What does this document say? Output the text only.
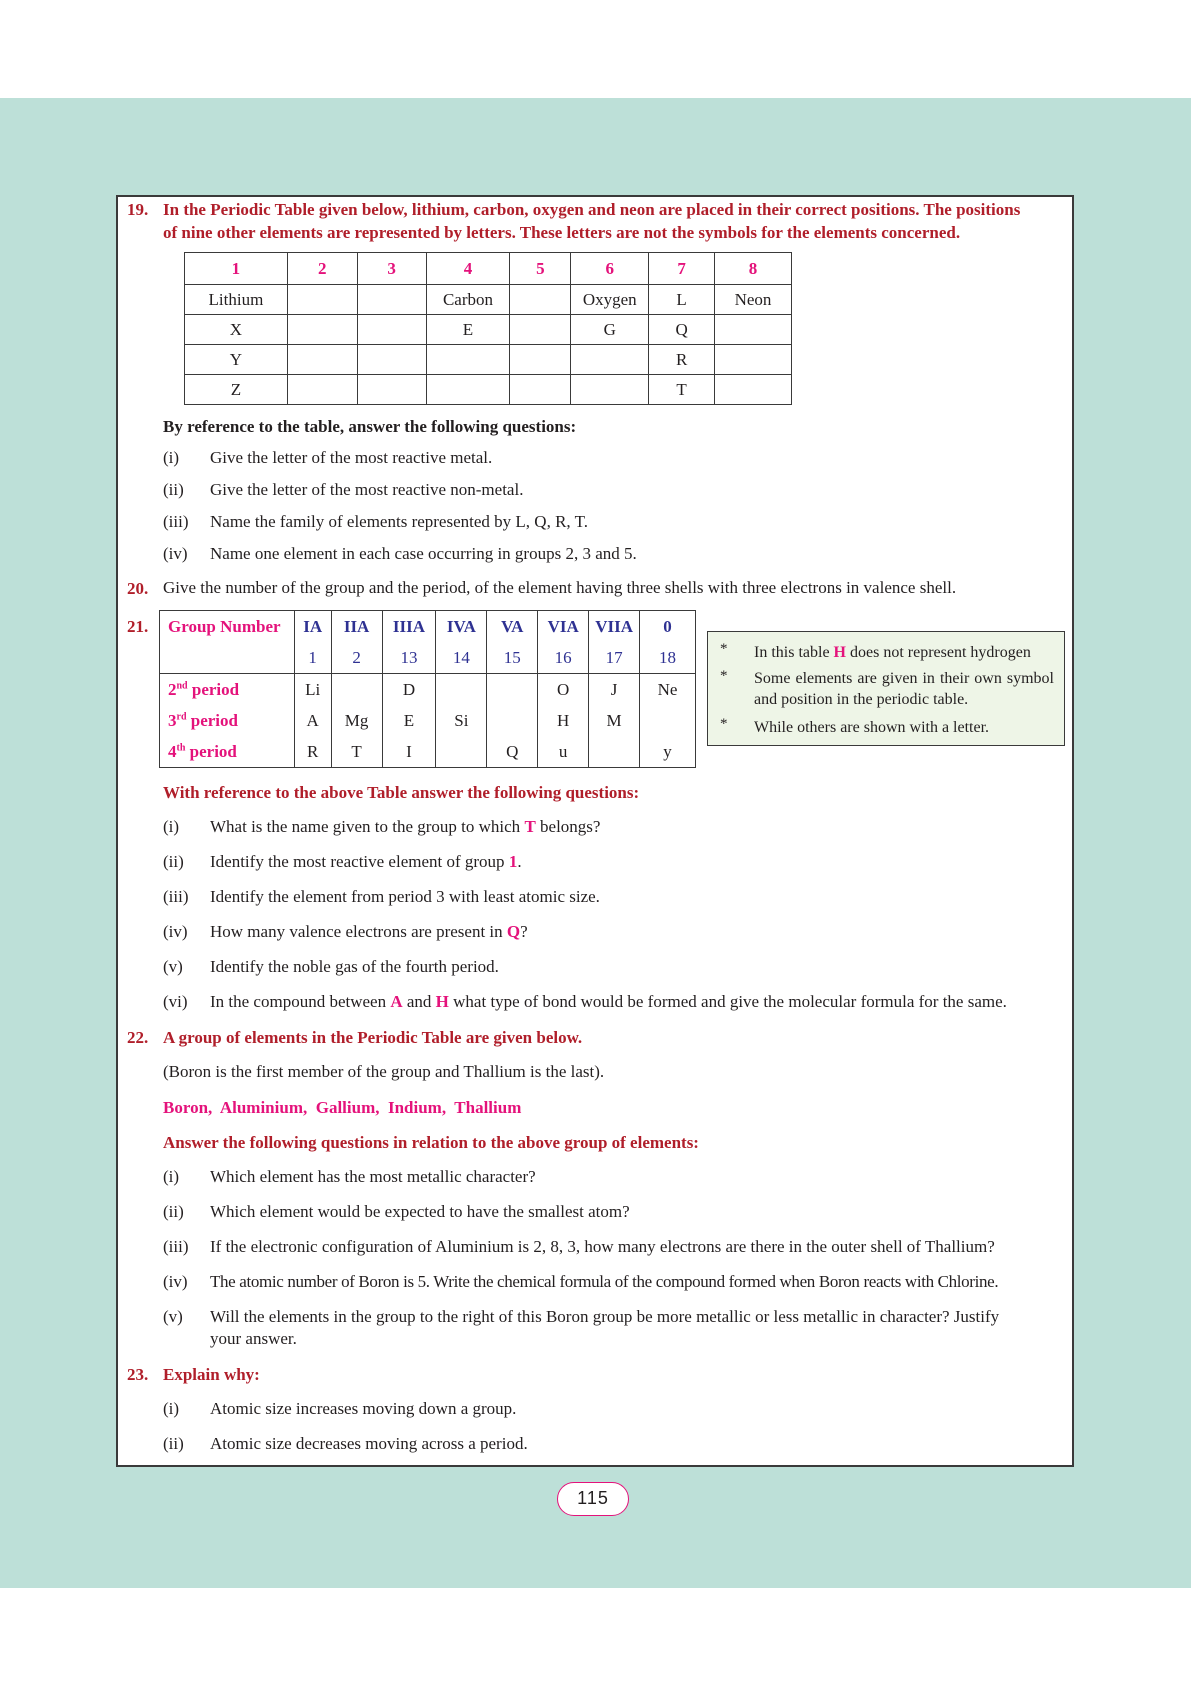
19. In the Periodic Table given below, lithium, carbon, oxygen and neon are placed in their correct positions. The positions
of nine other elements are represented by letters. These letters are not the symbols for the elements concerned.
1	2	3	4	5	6	7	8
Lithium			Carbon		Oxygen	L	Neon
X			E		G	Q	
Y						R	
Z						T	
By reference to the table, answer the following questions:
(i) Give the letter of the most reactive metal.
(ii) Give the letter of the most reactive non-metal.
(iii) Name the family of elements represented by L, Q, R, T.
(iv) Name one element in each case occurring in groups 2, 3 and 5.
20. Give the number of the group and the period, of the element having three shells with three electrons in valence shell.
21. Group Number	IA	IIA	IIIA	IVA	VA	VIA	VIIA	0
	1	2	13	14	15	16	17	18
2nd period	Li		D			O	J	Ne
3rd period	A	Mg	E	Si		H	M	
4th period	R	T	I		Q	u		y
* In this table H does not represent hydrogen
* Some elements are given in their own symbol and position in the periodic table.
* While others are shown with a letter.
With reference to the above Table answer the following questions:
(i) What is the name given to the group to which T belongs?
(ii) Identify the most reactive element of group 1.
(iii) Identify the element from period 3 with least atomic size.
(iv) How many valence electrons are present in Q?
(v) Identify the noble gas of the fourth period.
(vi) In the compound between A and H what type of bond would be formed and give the molecular formula for the same.
22. A group of elements in the Periodic Table are given below.
(Boron is the first member of the group and Thallium is the last).
Boron,  Aluminium,  Gallium,  Indium,  Thallium
Answer the following questions in relation to the above group of elements:
(i) Which element has the most metallic character?
(ii) Which element would be expected to have the smallest atom?
(iii) If the electronic configuration of Aluminium is 2, 8, 3, how many electrons are there in the outer shell of Thallium?
(iv) The atomic number of Boron is 5. Write the chemical formula of the compound formed when Boron reacts with Chlorine.
(v) Will the elements in the group to the right of this Boron group be more metallic or less metallic in character? Justify
your answer.
23. Explain why:
(i) Atomic size increases moving down a group.
(ii) Atomic size decreases moving across a period.
115
